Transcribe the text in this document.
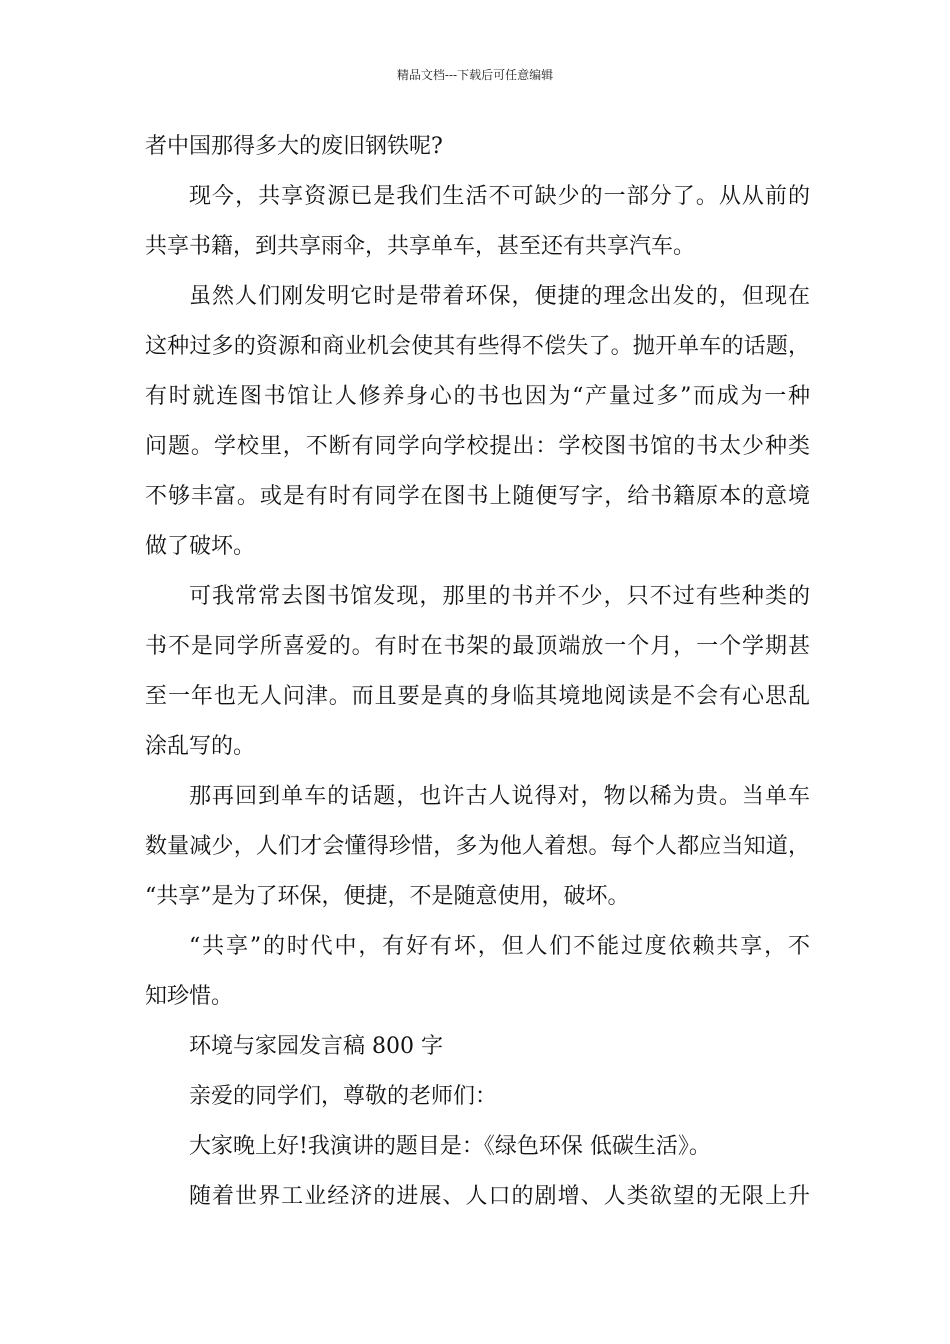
精品文档---下载后可任意编辑
者中国那得多大的废旧钢铁呢?
现今，共享资源已是我们生活不可缺少的一部分了。从从前的
共享书籍，到共享雨伞，共享单车，甚至还有共享汽车。
虽然人们刚发明它时是带着环保，便捷的理念出发的，但现在
这种过多的资源和商业机会使其有些得不偿失了。抛开单车的话题，
有时就连图书馆让人修养身心的书也因为“产量过多”而成为一种
问题。学校里，不断有同学向学校提出：学校图书馆的书太少种类
不够丰富。或是有时有同学在图书上随便写字，给书籍原本的意境
做了破坏。
可我常常去图书馆发现，那里的书并不少，只不过有些种类的
书不是同学所喜爱的。有时在书架的最顶端放一个月，一个学期甚
至一年也无人问津。而且要是真的身临其境地阅读是不会有心思乱
涂乱写的。
那再回到单车的话题，也许古人说得对，物以稀为贵。当单车
数量减少，人们才会懂得珍惜，多为他人着想。每个人都应当知道，
“共享”是为了环保，便捷，不是随意使用，破坏。
“共享”的时代中，有好有坏，但人们不能过度依赖共享，不
知珍惜。
环境与家园发言稿 800 字
亲爱的同学们，尊敬的老师们：
大家晚上好!我演讲的题目是：《绿色环保 低碳生活》。
随着世界工业经济的进展、人口的剧增、人类欲望的无限上升
